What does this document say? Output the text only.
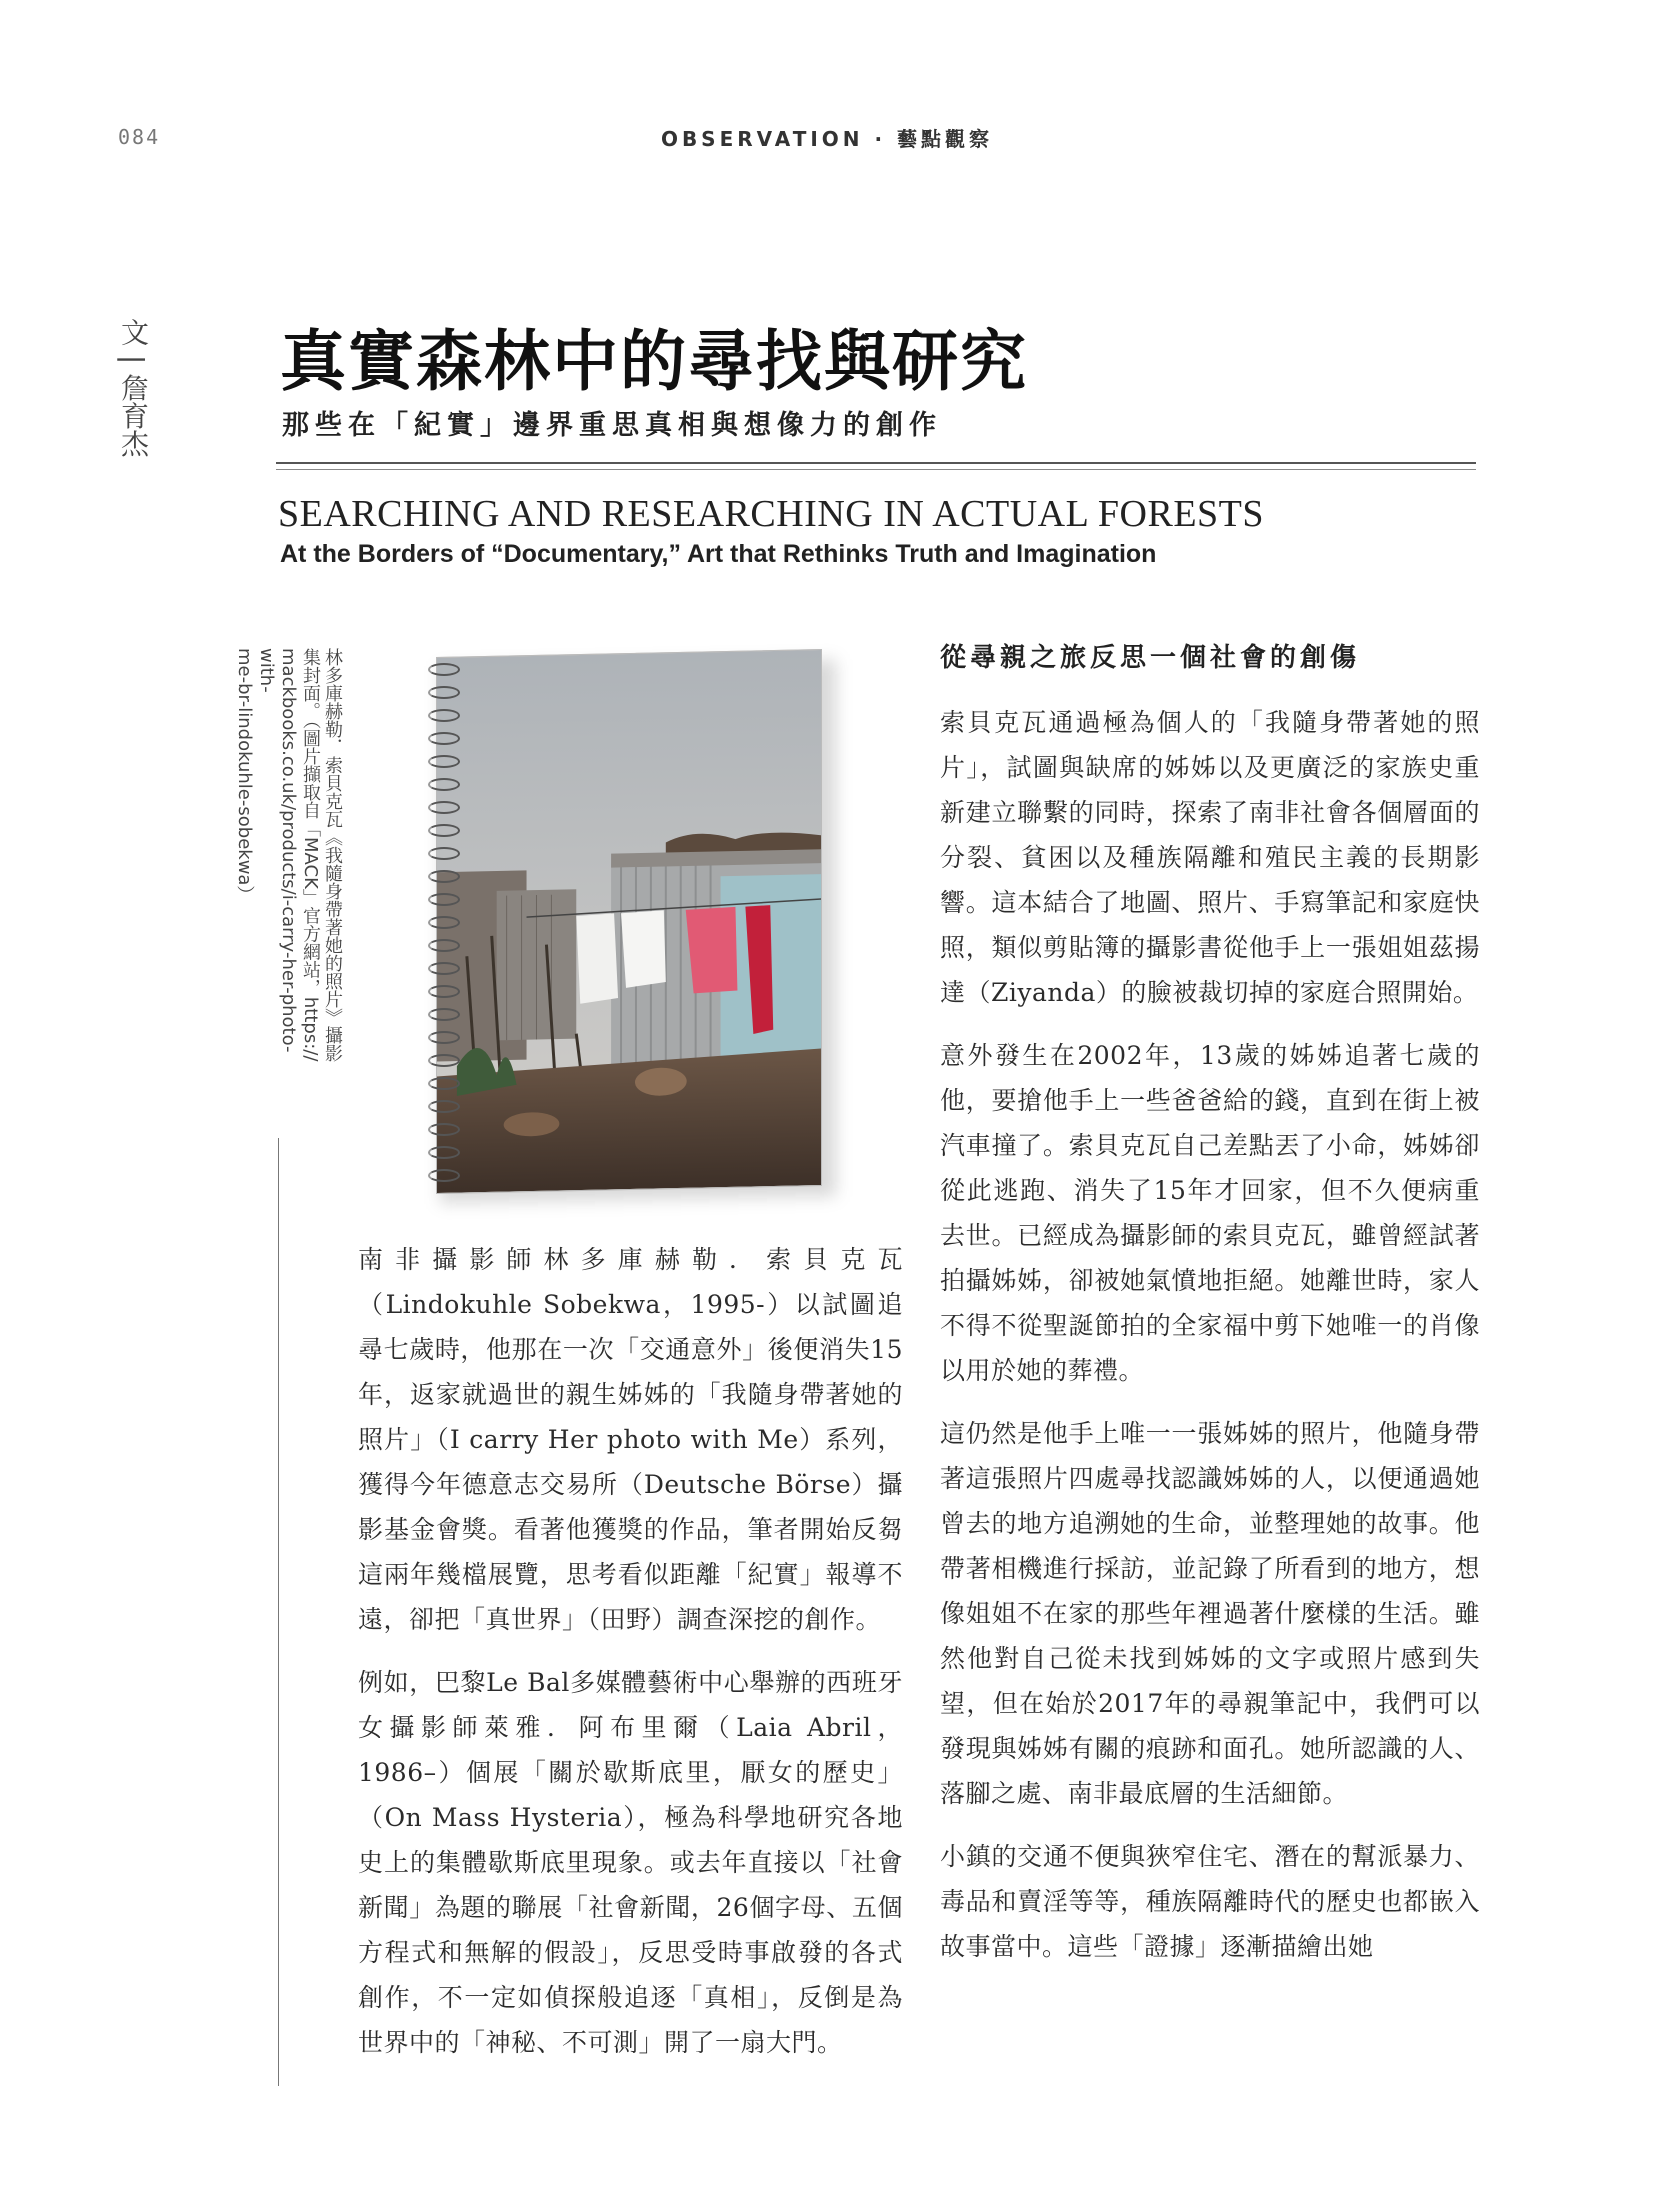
084	OBSERVATION · 藝點觀察
文 | 詹育杰 真實森林中的尋找與研究
那些在「紀實」邊界重思真相與想像力的創作
SEARCHING AND RESEARCHING IN ACTUAL FORESTS
At the Borders of “Documentary,” Art that Rethinks Truth and Imagination
林多庫赫勒．索貝克瓦《我隨身帶著她的照片》攝影
集封面。（圖片擷取自「MACK」官方網站，https://
mackbooks.co.uk/products/i-carry-her-photo-with-
me-br-lindokuhle-sobekwa）

南非攝影師林多庫赫勒．索貝克瓦（Lindokuhle Sobekwa，1995-）以試圖追尋七歲時，他那在一次「交通意外」後便消失15年，返家就過世的親生姊姊的「我隨身帶著她的照片」（I carry Her photo with Me）系列，獲得今年德意志交易所（Deutsche Börse）攝影基金會獎。看著他獲獎的作品，筆者開始反芻這兩年幾檔展覽，思考看似距離「紀實」報導不遠，卻把「真世界」（田野）調查深挖的創作。

例如，巴黎Le Bal多媒體藝術中心舉辦的西班牙女攝影師萊雅．阿布里爾（Laia Abril，1986–）個展「關於歇斯底里，厭女的歷史」（On Mass Hysteria），極為科學地研究各地史上的集體歇斯底里現象。或去年直接以「社會新聞」為題的聯展「社會新聞，26個字母、五個方程式和無解的假設」，反思受時事啟發的各式創作，不一定如偵探般追逐「真相」，反倒是為世界中的「神秘、不可測」開了一扇大門。

從尋親之旅反思一個社會的創傷

索貝克瓦通過極為個人的「我隨身帶著她的照片」，試圖與缺席的姊姊以及更廣泛的家族史重新建立聯繫的同時，探索了南非社會各個層面的分裂、貧困以及種族隔離和殖民主義的長期影響。這本結合了地圖、照片、手寫筆記和家庭快照，類似剪貼簿的攝影書從他手上一張姐姐茲揚達（Ziyanda）的臉被裁切掉的家庭合照開始。

意外發生在2002年，13歲的姊姊追著七歲的他，要搶他手上一些爸爸給的錢，直到在街上被汽車撞了。索貝克瓦自己差點丟了小命，姊姊卻從此逃跑、消失了15年才回家，但不久便病重去世。已經成為攝影師的索貝克瓦，雖曾經試著拍攝姊姊，卻被她氣憤地拒絕。她離世時，家人不得不從聖誕節拍的全家福中剪下她唯一的肖像以用於她的葬禮。

這仍然是他手上唯一一張姊姊的照片，他隨身帶著這張照片四處尋找認識姊姊的人，以便通過她曾去的地方追溯她的生命，並整理她的故事。他帶著相機進行採訪，並記錄了所看到的地方，想像姐姐不在家的那些年裡過著什麼樣的生活。雖然他對自己從未找到姊姊的文字或照片感到失望，但在始於2017年的尋親筆記中，我們可以發現與姊姊有關的痕跡和面孔。她所認識的人、落腳之處、南非最底層的生活細節。

小鎮的交通不便與狹窄住宅、潛在的幫派暴力、毒品和賣淫等等，種族隔離時代的歷史也都嵌入故事當中。這些「證據」逐漸描繪出她
